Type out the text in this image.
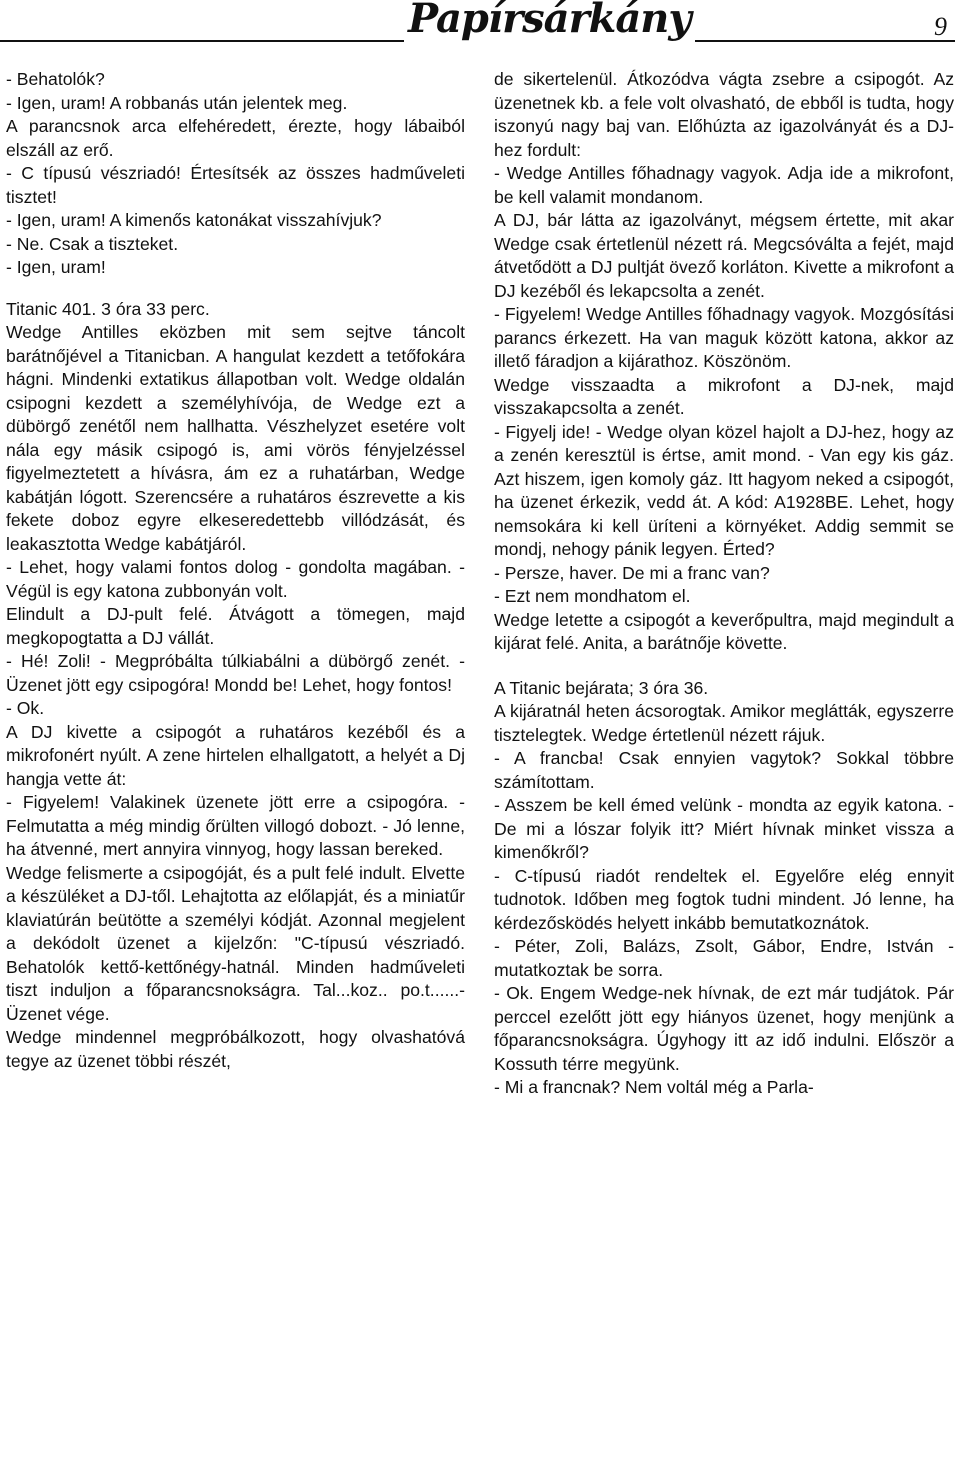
Papírsárkány	9

- Behatolók?

- Igen, uram! A robbanás után jelentek meg.

A parancsnok arca elfehéredett, érezte, hogy lábaiból elszáll az erő.

- C típusú vészriadó! Értesítsék az összes hadműveleti tisztet!

- Igen, uram! A kimenős katonákat visszahívjuk?

- Ne. Csak a tiszteket.

- Igen, uram!

Titanic 401. 3 óra 33 perc.

Wedge Antilles eközben mit sem sejtve táncolt barátnőjével a Titanicban. A hangulat kezdett a tetőfokára hágni. Mindenki extatikus állapotban volt. Wedge oldalán csipogni kezdett a személyhívója, de Wedge ezt a dübörgő zenétől nem hallhatta. Vészhelyzet esetére volt nála egy másik csipogó is, ami vörös fényjelzéssel figyelmeztetett a hívásra, ám ez a ruhatárban, Wedge kabátján lógott. Szerencsére a ruhatáros észrevette a kis fekete doboz egyre elkeseredettebb villódzását, és leakasztotta Wedge kabátjáról.

- Lehet, hogy valami fontos dolog - gondolta magában. - Végül is egy katona zubbonyán volt.

Elindult a DJ-pult felé. Átvágott a tömegen, majd megkopogtatta a DJ vállát.

- Hé! Zoli! - Megpróbálta túlkiabálni a dübörgő zenét. - Üzenet jött egy csipogóra! Mondd be! Lehet, hogy fontos!

- Ok.

A DJ kivette a csipogót a ruhatáros kezéből és a mikrofonért nyúlt. A zene hirtelen elhallgatott, a helyét a Dj hangja vette át:

- Figyelem! Valakinek üzenete jött erre a csipogóra. - Felmutatta a még mindig őrülten villogó dobozt. - Jó lenne, ha átvenné, mert annyira vinnyog, hogy lassan bereked.

Wedge felismerte a csipogóját, és a pult felé indult. Elvette a készüléket a DJ-től. Lehajtotta az előlapját, és a miniatűr klaviatúrán beütötte a személyi kódját. Azonnal megjelent a dekódolt üzenet a kijelzőn: "C-típusú vészriadó. Behatolók kettő-kettőnégy-hatnál. Minden hadműveleti tiszt induljon a főparancsnokságra. Tal...koz.. po.t......-Üzenet vége.

Wedge mindennel megpróbálkozott, hogy olvashatóvá tegye az üzenet többi részét,

de sikertelenül. Átkozódva vágta zsebre a csipogót. Az üzenetnek kb. a fele volt olvasható, de ebből is tudta, hogy iszonyú nagy baj van. Előhúzta az igazolványát és a DJ-hez fordult:

- Wedge Antilles főhadnagy vagyok. Adja ide a mikrofont, be kell valamit mondanom.

A DJ, bár látta az igazolványt, mégsem értette, mit akar Wedge csak értetlenül nézett rá. Megcsóválta a fejét, majd átvetődött a DJ pultját övező korláton. Kivette a mikrofont a DJ kezéből és lekapcsolta a zenét.

- Figyelem! Wedge Antilles főhadnagy vagyok. Mozgósítási parancs érkezett. Ha van maguk között katona, akkor az illető fáradjon a kijárathoz. Köszönöm.

Wedge visszaadta a mikrofont a DJ-nek, majd visszakapcsolta a zenét.

- Figyelj ide! - Wedge olyan közel hajolt a DJ-hez, hogy az a zenén keresztül is értse, amit mond. - Van egy kis gáz. Azt hiszem, igen komoly gáz. Itt hagyom neked a csipogót, ha üzenet érkezik, vedd át. A kód: A1928BE. Lehet, hogy nemsokára ki kell üríteni a környéket. Addig semmit se mondj, nehogy pánik legyen. Érted?

- Persze, haver. De mi a franc van?

- Ezt nem mondhatom el.

Wedge letette a csipogót a keverőpultra, majd megindult a kijárat felé. Anita, a barátnője követte.

A Titanic bejárata; 3 óra 36.

A kijáratnál heten ácsorogtak. Amikor meglátták, egyszerre tisztelegtek. Wedge értetlenül nézett rájuk.

- A francba! Csak ennyien vagytok? Sokkal többre számítottam.

- Asszem be kell émed velünk - mondta az egyik katona. - De mi a lószar folyik itt? Miért hívnak minket vissza a kimenőkről?

- C-típusú riadót rendeltek el. Egyelőre elég ennyit tudnotok. Időben meg fogtok tudni mindent. Jó lenne, ha kérdezősködés helyett inkább bemutatkoznátok.

- Péter, Zoli, Balázs, Zsolt, Gábor, Endre, István - mutatkoztak be sorra.

- Ok. Engem Wedge-nek hívnak, de ezt már tudjátok. Pár perccel ezelőtt jött egy hiányos üzenet, hogy menjünk a főparancsnokságra. Úgyhogy itt az idő indulni. Először a Kossuth térre megyünk.

- Mi a francnak? Nem voltál még a Parla-
